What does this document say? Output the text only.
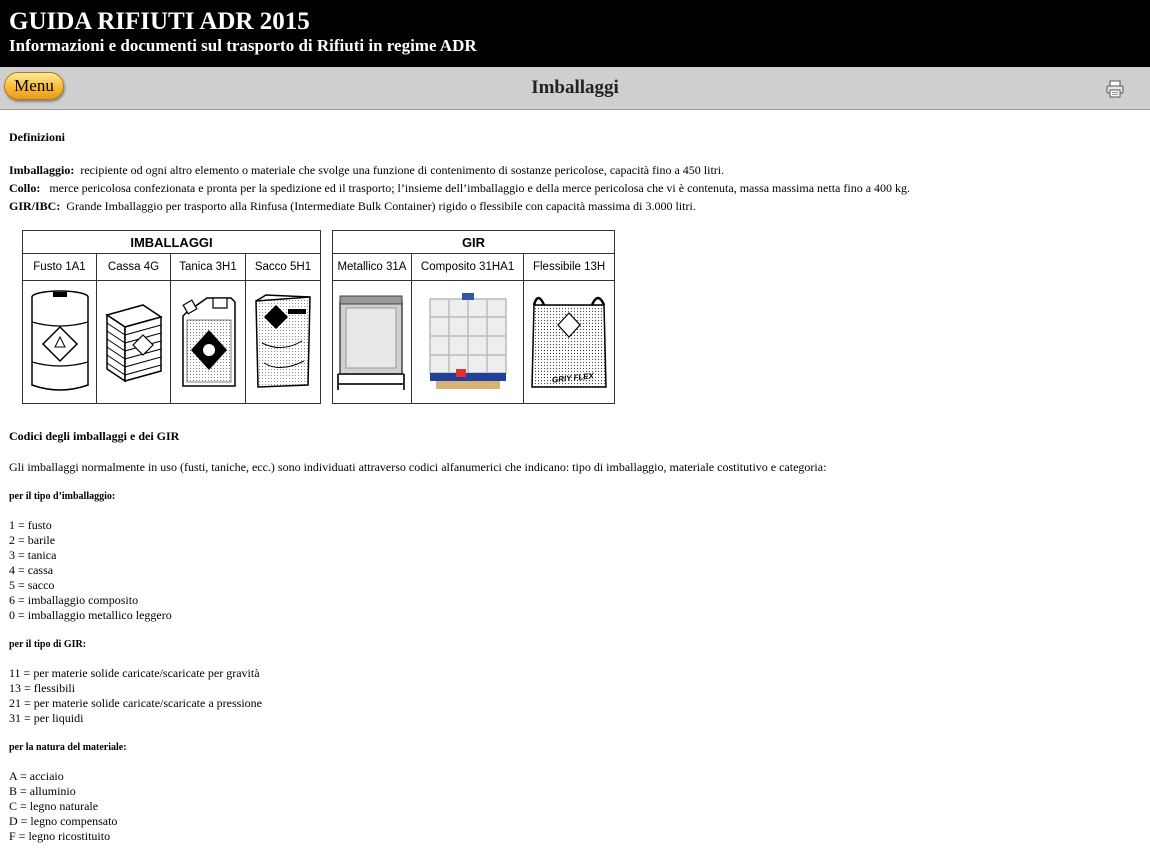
GUIDA RIFIUTI ADR 2015
Informazioni e documenti sul trasporto di Rifiuti in regime ADR
Menu	Imballaggi

Definizioni

Imballaggio: recipiente od ogni altro elemento o materiale che svolge una funzione di contenimento di sostanze pericolose, capacità fino a 450 litri.
Collo: merce pericolosa confezionata e pronta per la spedizione ed il trasporto; l’insieme dell’imballaggio e della merce pericolosa che vi è contenuta, massa massima netta fino a 400 kg.
GIR/IBC: Grande Imballaggio per trasporto alla Rinfusa (Intermediate Bulk Container) rigido o flessibile con capacità massima di 3.000 litri.
IMBALLAGGI			
Fusto 1A1	Cassa 4G	Tanica 3H1	Sacco 5H1

GIR		
Metallico 31A	Composito 31HA1	Flessibile 13H

GRIY FLEX

Codici degli imballaggi e dei GIR

Gli imballaggi normalmente in uso (fusti, taniche, ecc.) sono individuati attraverso codici alfanumerici che indicano: tipo di imballaggio, materiale costitutivo e categoria:

per il tipo d’imballaggio:

1 = fusto
2 = barile
3 = tanica
4 = cassa
5 = sacco
6 = imballaggio composito
0 = imballaggio metallico leggero

per il tipo di GIR:

11 = per materie solide caricate/scaricate per gravità
13 = flessibili
21 = per materie solide caricate/scaricate a pressione
31 = per liquidi

per la natura del materiale:

A = acciaio
B = alluminio
C = legno naturale
D = legno compensato
F = legno ricostituito
